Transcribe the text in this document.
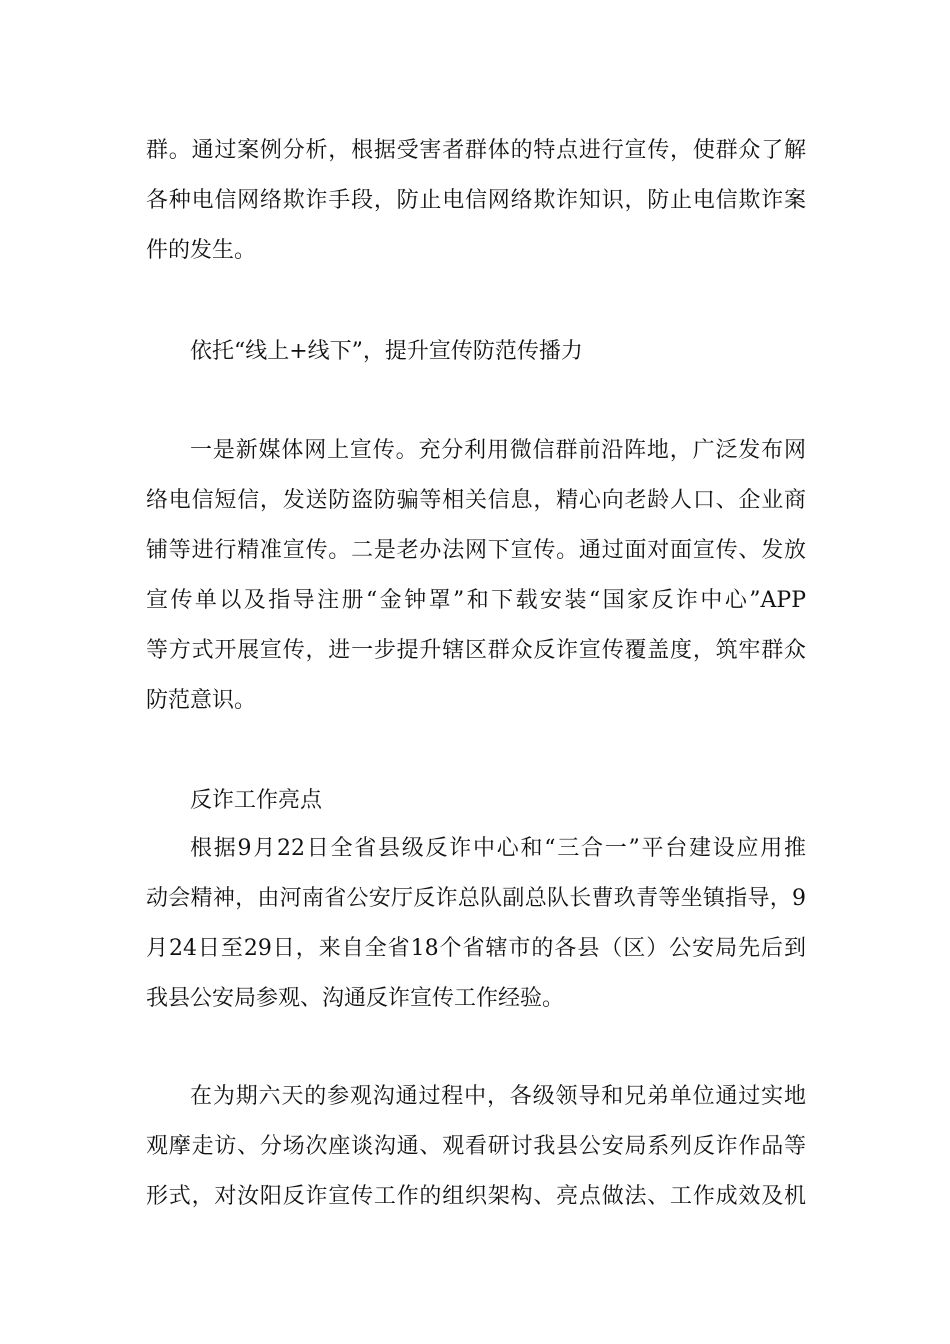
群。通过案例分析，根据受害者群体的特点进行宣传，使群众了解
各种电信网络欺诈手段，防止电信网络欺诈知识，防止电信欺诈案
件的发生。
依托“线上+线下”，提升宣传防范传播力
一是新媒体网上宣传。充分利用微信群前沿阵地，广泛发布网
络电信短信，发送防盗防骗等相关信息，精心向老龄人口、企业商
铺等进行精准宣传。二是老办法网下宣传。通过面对面宣传、发放
宣传单以及指导注册“金钟罩”和下载安装“国家反诈中心”APP
等方式开展宣传，进一步提升辖区群众反诈宣传覆盖度，筑牢群众
防范意识。
反诈工作亮点
根据9月22日全省县级反诈中心和“三合一”平台建设应用推
动会精神，由河南省公安厅反诈总队副总队长曹玖青等坐镇指导，9
月24日至29日，来自全省18个省辖市的各县（区）公安局先后到
我县公安局参观、沟通反诈宣传工作经验。
在为期六天的参观沟通过程中，各级领导和兄弟单位通过实地
观摩走访、分场次座谈沟通、观看研讨我县公安局系列反诈作品等
形式，对汝阳反诈宣传工作的组织架构、亮点做法、工作成效及机
